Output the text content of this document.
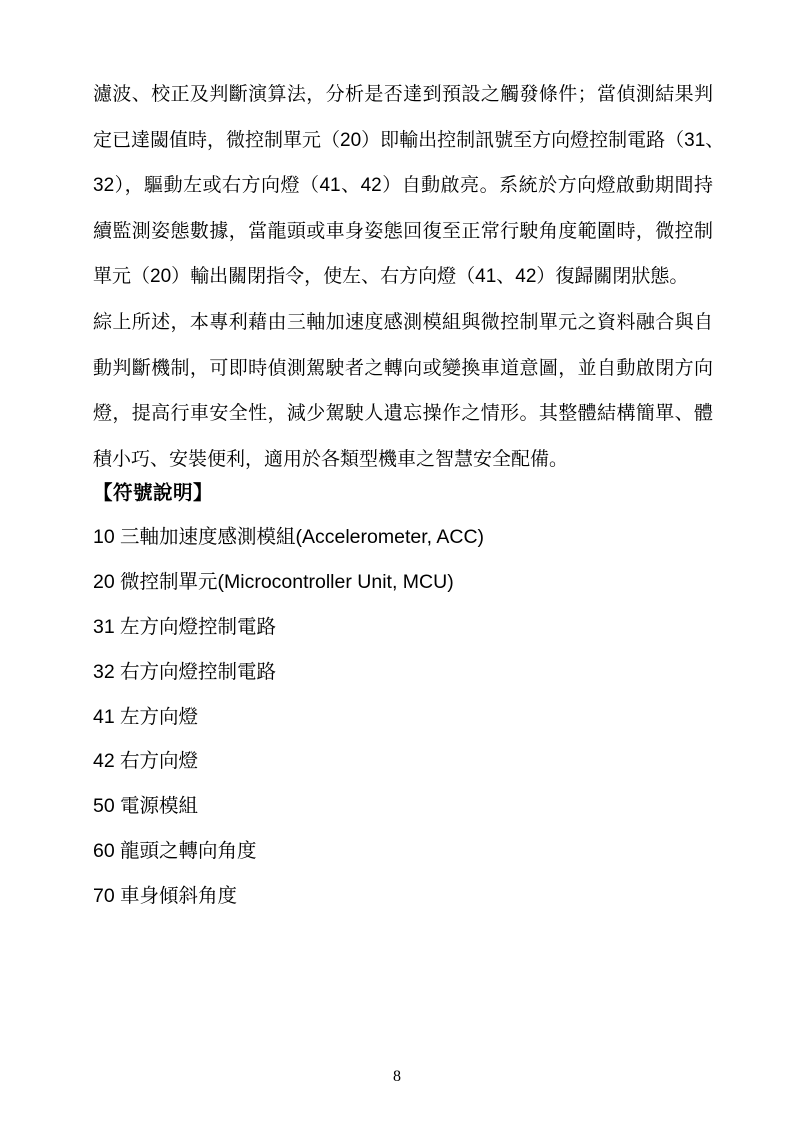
濾波、校正及判斷演算法，分析是否達到預設之觸發條件；當偵測結果判
定已達閾值時，微控制單元（20）即輸出控制訊號至方向燈控制電路（31、
32），驅動左或右方向燈（41、42）自動啟亮。系統於方向燈啟動期間持
續監測姿態數據，當龍頭或車身姿態回復至正常行駛角度範圍時，微控制
單元（20）輸出關閉指令，使左、右方向燈（41、42）復歸關閉狀態。
綜上所述，本專利藉由三軸加速度感測模組與微控制單元之資料融合與自
動判斷機制，可即時偵測駕駛者之轉向或變換車道意圖，並自動啟閉方向
燈，提高行車安全性，減少駕駛人遺忘操作之情形。其整體結構簡單、體
積小巧、安裝便利，適用於各類型機車之智慧安全配備。
【符號說明】
10 三軸加速度感測模組(Accelerometer, ACC)
20 微控制單元(Microcontroller Unit, MCU)
31 左方向燈控制電路
32 右方向燈控制電路
41 左方向燈
42 右方向燈
50 電源模組
60 龍頭之轉向角度
70 車身傾斜角度
8
